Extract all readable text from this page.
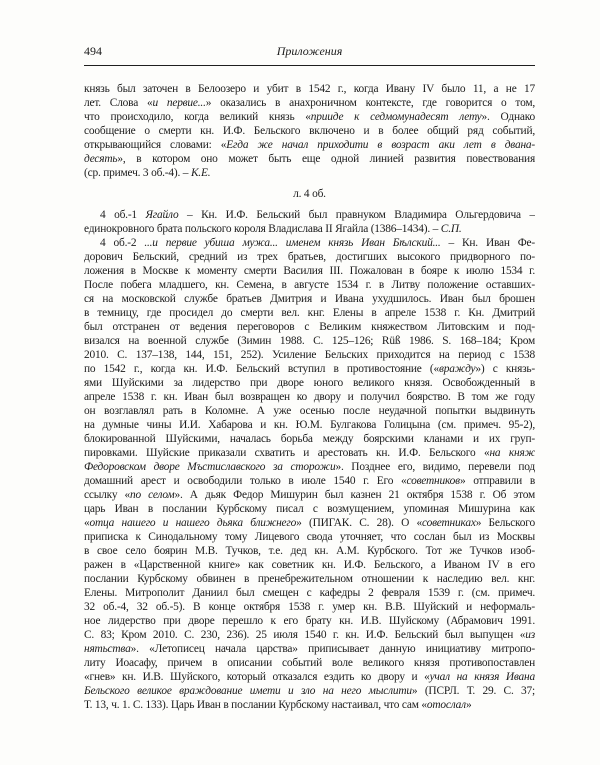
494	Приложения
князь был заточен в Белоозеро и убит в 1542 г., когда Ивану IV было 11, а не 17
лет. Слова «и первие...» оказались в анахроничном контексте, где говорится о том,
что происходило, когда великий князь «прииде к седмомунадесят лету». Однако
сообщение о смерти кн. И.Ф. Бельского включено и в более общий ряд событий,
открывающийся словами: «Егда же начал приходити в возраст аки лет в двана-
десять», в котором оно может быть еще одной линией развития повествования
(ср. примеч. 3 об.-4). – К.Е.
л. 4 об.
4 об.-1 Ягайло – Кн. И.Ф. Бельский был правнуком Владимира Ольгердовича –
единокровного брата польского короля Владислава II Ягайла (1386–1434). – С.П.
4 об.-2 ...и первие убиша мужа... именем князь Иван Бѣлский... – Кн. Иван Фе-
дорович Бельский, средний из трех братьев, достигших высокого придворного по-
ложения в Москве к моменту смерти Василия III. Пожалован в бояре к июлю 1534 г.
После побега младшего, кн. Семена, в августе 1534 г. в Литву положение оставших-
ся на московской службе братьев Дмитрия и Ивана ухудшилось. Иван был брошен
в темницу, где просидел до смерти вел. кнг. Елены в апреле 1538 г. Кн. Дмитрий
был отстранен от ведения переговоров с Великим княжеством Литовским и под-
визался на военной службе (Зимин 1988. С. 125–126; Rüß 1986. S. 168–184; Кром
2010. С. 137–138, 144, 151, 252). Усиление Бельских приходится на период с 1538
по 1542 г., когда кн. И.Ф. Бельский вступил в противостояние («вражду») с князь-
ями Шуйскими за лидерство при дворе юного великого князя. Освобожденный в
апреле 1538 г. кн. Иван был возвращен ко двору и получил боярство. В том же году
он возглавлял рать в Коломне. А уже осенью после неудачной попытки выдвинуть
на думные чины И.И. Хабарова и кн. Ю.М. Булгакова Голицына (см. примеч. 95-2),
блокированной Шуйскими, началась борьба между боярскими кланами и их груп-
пировками. Шуйские приказали схватить и арестовать кн. И.Ф. Бельского «на княж
Федоровском дворе Мъстиславского за сторожи». Позднее его, видимо, перевели под
домашний арест и освободили только в июле 1540 г. Его «советников» отправили в
ссылку «по селом». А дьяк Федор Мишурин был казнен 21 октября 1538 г. Об этом
царь Иван в послании Курбскому писал с возмущением, упоминая Мишурина как
«отца нашего и нашего дьяка ближнего» (ПИГАК. С. 28). О «советниках» Бельского
приписка к Синодальному тому Лицевого свода уточняет, что сослан был из Москвы
в свое село боярин М.В. Тучков, т.е. дед кн. А.М. Курбского. Тот же Тучков изоб-
ражен в «Царственной книге» как советник кн. И.Ф. Бельского, а Иваном IV в его
послании Курбскому обвинен в пренебрежительном отношении к наследию вел. кнг.
Елены. Митрополит Даниил был смещен с кафедры 2 февраля 1539 г. (см. примеч.
32 об.-4, 32 об.-5). В конце октября 1538 г. умер кн. В.В. Шуйский и неформаль-
ное лидерство при дворе перешло к его брату кн. И.В. Шуйскому (Абрамович 1991.
С. 83; Кром 2010. С. 230, 236). 25 июля 1540 г. кн. И.Ф. Бельский был выпущен «из
нятьства». «Летописец начала царства» приписывает данную инициативу митропо-
литу Иоасафу, причем в описании событий воле великого князя противопоставлен
«гнев» кн. И.В. Шуйского, который отказался ездить ко двору и «учал на князя Ивана
Бельского великое враждование имети и зло на него мыслити» (ПСРЛ. Т. 29. С. 37;
Т. 13, ч. 1. С. 133). Царь Иван в послании Курбскому настаивал, что сам «отослал»
